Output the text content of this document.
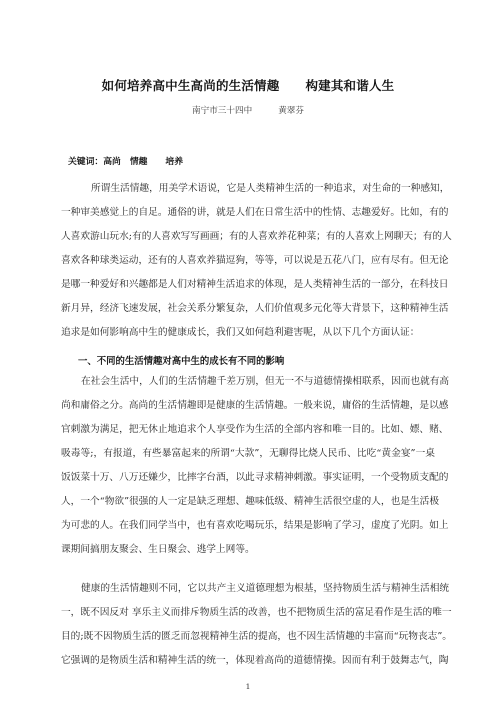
如何培养高中生高尚的生活情趣 构建其和谐人生
南宁市三十四中	黄翠芬
关键词：高尚 情趣 培养
所谓生活情趣，用美学术语说，它是人类精神生活的一种追求，对生命的一种感知，
一种审美感觉上的自足。通俗的讲，就是人们在日常生活中的性情、志趣爱好。比如，有的
人喜欢游山玩水;有的人喜欢写写画画；有的人喜欢养花种菜；有的人喜欢上网聊天；有的人
喜欢各种球类运动，还有的人喜欢养猫逗狗，等等，可以说是五花八门，应有尽有。但无论
是哪一种爱好和兴趣都是人们对精神生活追求的体现，是人类精神生活的一部分，在科技日
新月异，经济飞速发展，社会关系分繁复杂，人们价值观多元化等大背景下，这种精神生活
追求是如何影响高中生的健康成长，我们又如何趋利避害呢，从以下几个方面认证：
一、不同的生活情趣对高中生的成长有不同的影响
在社会生活中，人们的生活情趣千差万别，但无一不与道德情操相联系，因而也就有高
尚和庸俗之分。高尚的生活情趣即是健康的生活情趣。一般来说，庸俗的生活情趣，是以感
官刺激为满足，把无休止地追求个人享受作为生活的全部内容和唯一目的。比如、嫖、赌、
吸毒等;，有报道，有些暴富起来的所谓“大款”，无聊得比烧人民币、比吃“黄金宴”一桌
饭饭菜十万、八万还嫌少，比摔字台酒，以此寻求精神刺激。事实证明，一个受物质支配的
人，一个“物欲”很强的人一定是缺乏理想、趣味低级、精神生活很空虚的人，也是生活极
为可悲的人。在我们同学当中，也有喜欢吃喝玩乐，结果是影响了学习，虚度了光阴。如上
课期间搞朋友聚会、生日聚会、逃学上网等。
健康的生活情趣则不同，它以共产主义道德理想为根基，坚持物质生活与精神生活相统
一，既不因反对 享乐主义而排斥物质生活的改善，也不把物质生活的富足看作是生活的唯一
目的;既不因物质生活的匮乏而忽视精神生活的提高，也不因生活情趣的丰富而“玩物丧志”。
它强调的是物质生活和精神生活的统一，体现着高尚的道德情操。因而有利于鼓舞志气，陶
1
